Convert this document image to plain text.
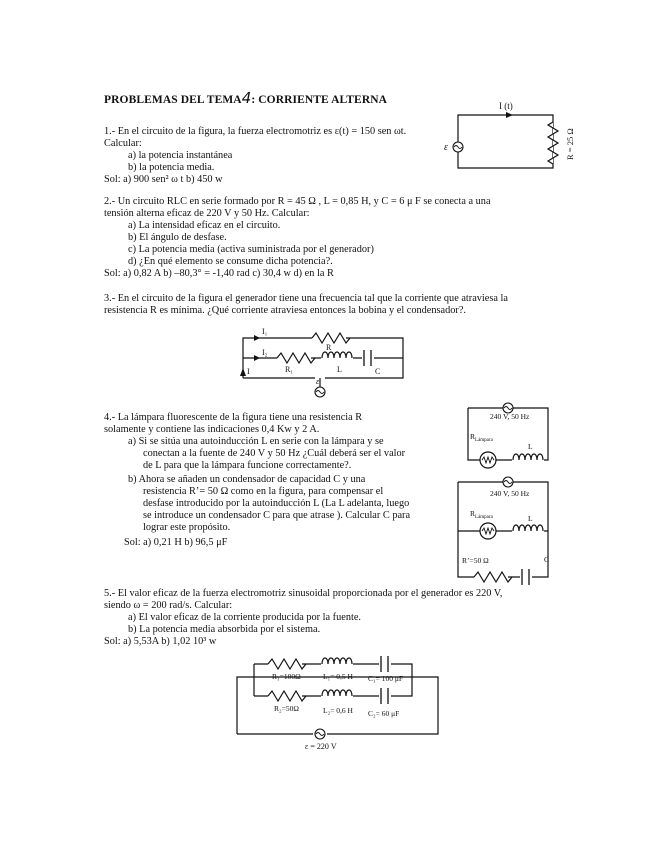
PROBLEMAS DEL TEMA4: CORRIENTE ALTERNA
1.- En el circuito de la figura, la fuerza electromotriz es ε(t) = 150 sen ωt.
Calcular:
a) la potencia instantánea
b) la potencia media.
Sol: a) 900 sen² ω t b) 450 w
2.- Un circuito RLC en serie formado por R = 45 Ω , L = 0,85 H, y C = 6 μ F se conecta a una
tensión alterna eficaz de 220 V y 50 Hz. Calcular:
a) La intensidad eficaz en el circuito.
b) El ángulo de desfase.
c) La potencia media (activa suministrada por el generador)
d) ¿En qué elemento se consume dicha potencia?.
Sol: a) 0,82 A b) –80,3° = -1,40 rad c) 30,4 w d) en la R
3.- En el circuito de la figura el generador tiene una frecuencia tal que la corriente que atraviesa la
resistencia R es mínima. ¿Qué corriente atraviesa entonces la bobina y el condensador?.
4.- La lámpara fluorescente de la figura tiene una resistencia R
solamente y contiene las indicaciones 0,4 Kw y 2 A.
a) Si se sitúa una autoinducción L en serie con la lámpara y se
conectan a la fuente de 240 V y 50 Hz ¿Cuál deberá ser el valor
de L para que la lámpara funcione correctamente?.
b) Ahora se añaden un condensador de capacidad C y una
resistencia R’= 50 Ω como en la figura, para compensar el
desfase introducido por la autoinducción L (La L adelanta, luego
se introduce un condensador C para que atrase ). Calcular C para
lograr este propósito.
Sol: a) 0,21 H b) 96,5 μF
5.- El valor eficaz de la fuerza electromotriz sinusoidal proporcionada por el generador es 220 V,
siendo ω = 200 rad/s. Calcular:
a) El valor eficaz de la corriente producida por la fuente.
b) La potencia media absorbida por el sistema.
Sol: a) 5,53A b) 1,02 10³ w
I (t)
ε	R = 25 Ω
I₁
I₂
I
R
R₁	L	C
ε
240 V, 50 Hz
$R_{Lámpara}$
L
240 V, 50 Hz
$R_{Lámpara}$	L
R’=50 Ω	C
R₁=100Ω	L₁= 0,5 H C₁= 100 μF
R₂=50Ω	L₂= 0,6 H C₂= 60 μF
ε = 220 V
